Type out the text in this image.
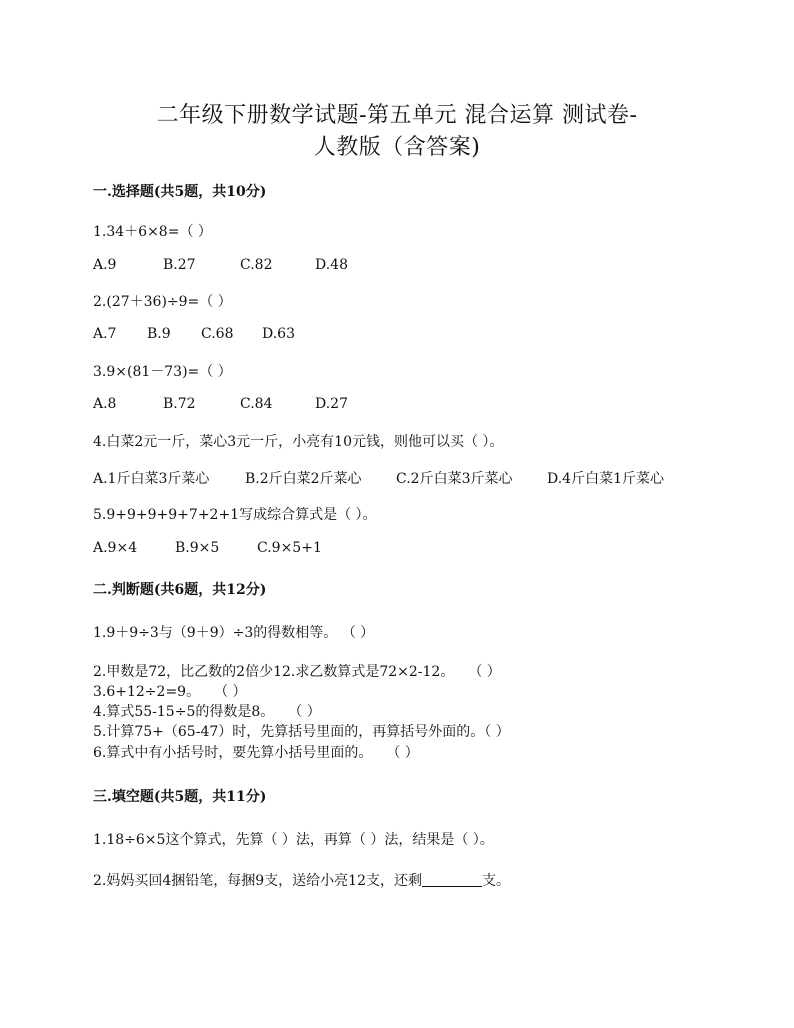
二年级下册数学试题-第五单元 混合运算 测试卷-
人教版（含答案)
一.选择题(共5题，共10分)
1.34＋6×8=（ ）
A.9	B.27	C.82	D.48
2.(27＋36)÷9=（ ）
A.7 B.9 C.68 D.63
3.9×(81－73)=（ ）
A.8	B.72	C.84	D.27
4.白菜2元一斤，菜心3元一斤，小亮有10元钱，则他可以买（ ）。
A.1斤白菜3斤菜心	B.2斤白菜2斤菜心 C.2斤白菜3斤菜心 D.4斤白菜1斤菜心
5.9+9+9+9+7+2+1写成综合算式是（ ）。
A.9×4	B.9×5	C.9×5+1
二.判断题(共6题，共12分)
1.9＋9÷3与（9＋9）÷3的得数相等。 （ ）
2.甲数是72，比乙数的2倍少12.求乙数算式是72×2-12。　　（ ）
3.6+12÷2=9。　　（ ）
4.算式55-15÷5的得数是8。　　（ ）
5.计算75+（65-47）时，先算括号里面的，再算括号外面的。（ ）
6.算式中有小括号时，要先算小括号里面的。　　（ ）
三.填空题(共5题，共11分)
1.18÷6×5这个算式，先算（ ）法，再算（ ）法，结果是（ ）。
2.妈妈买回4捆铅笔，每捆9支，送给小亮12支，还剩	支。
